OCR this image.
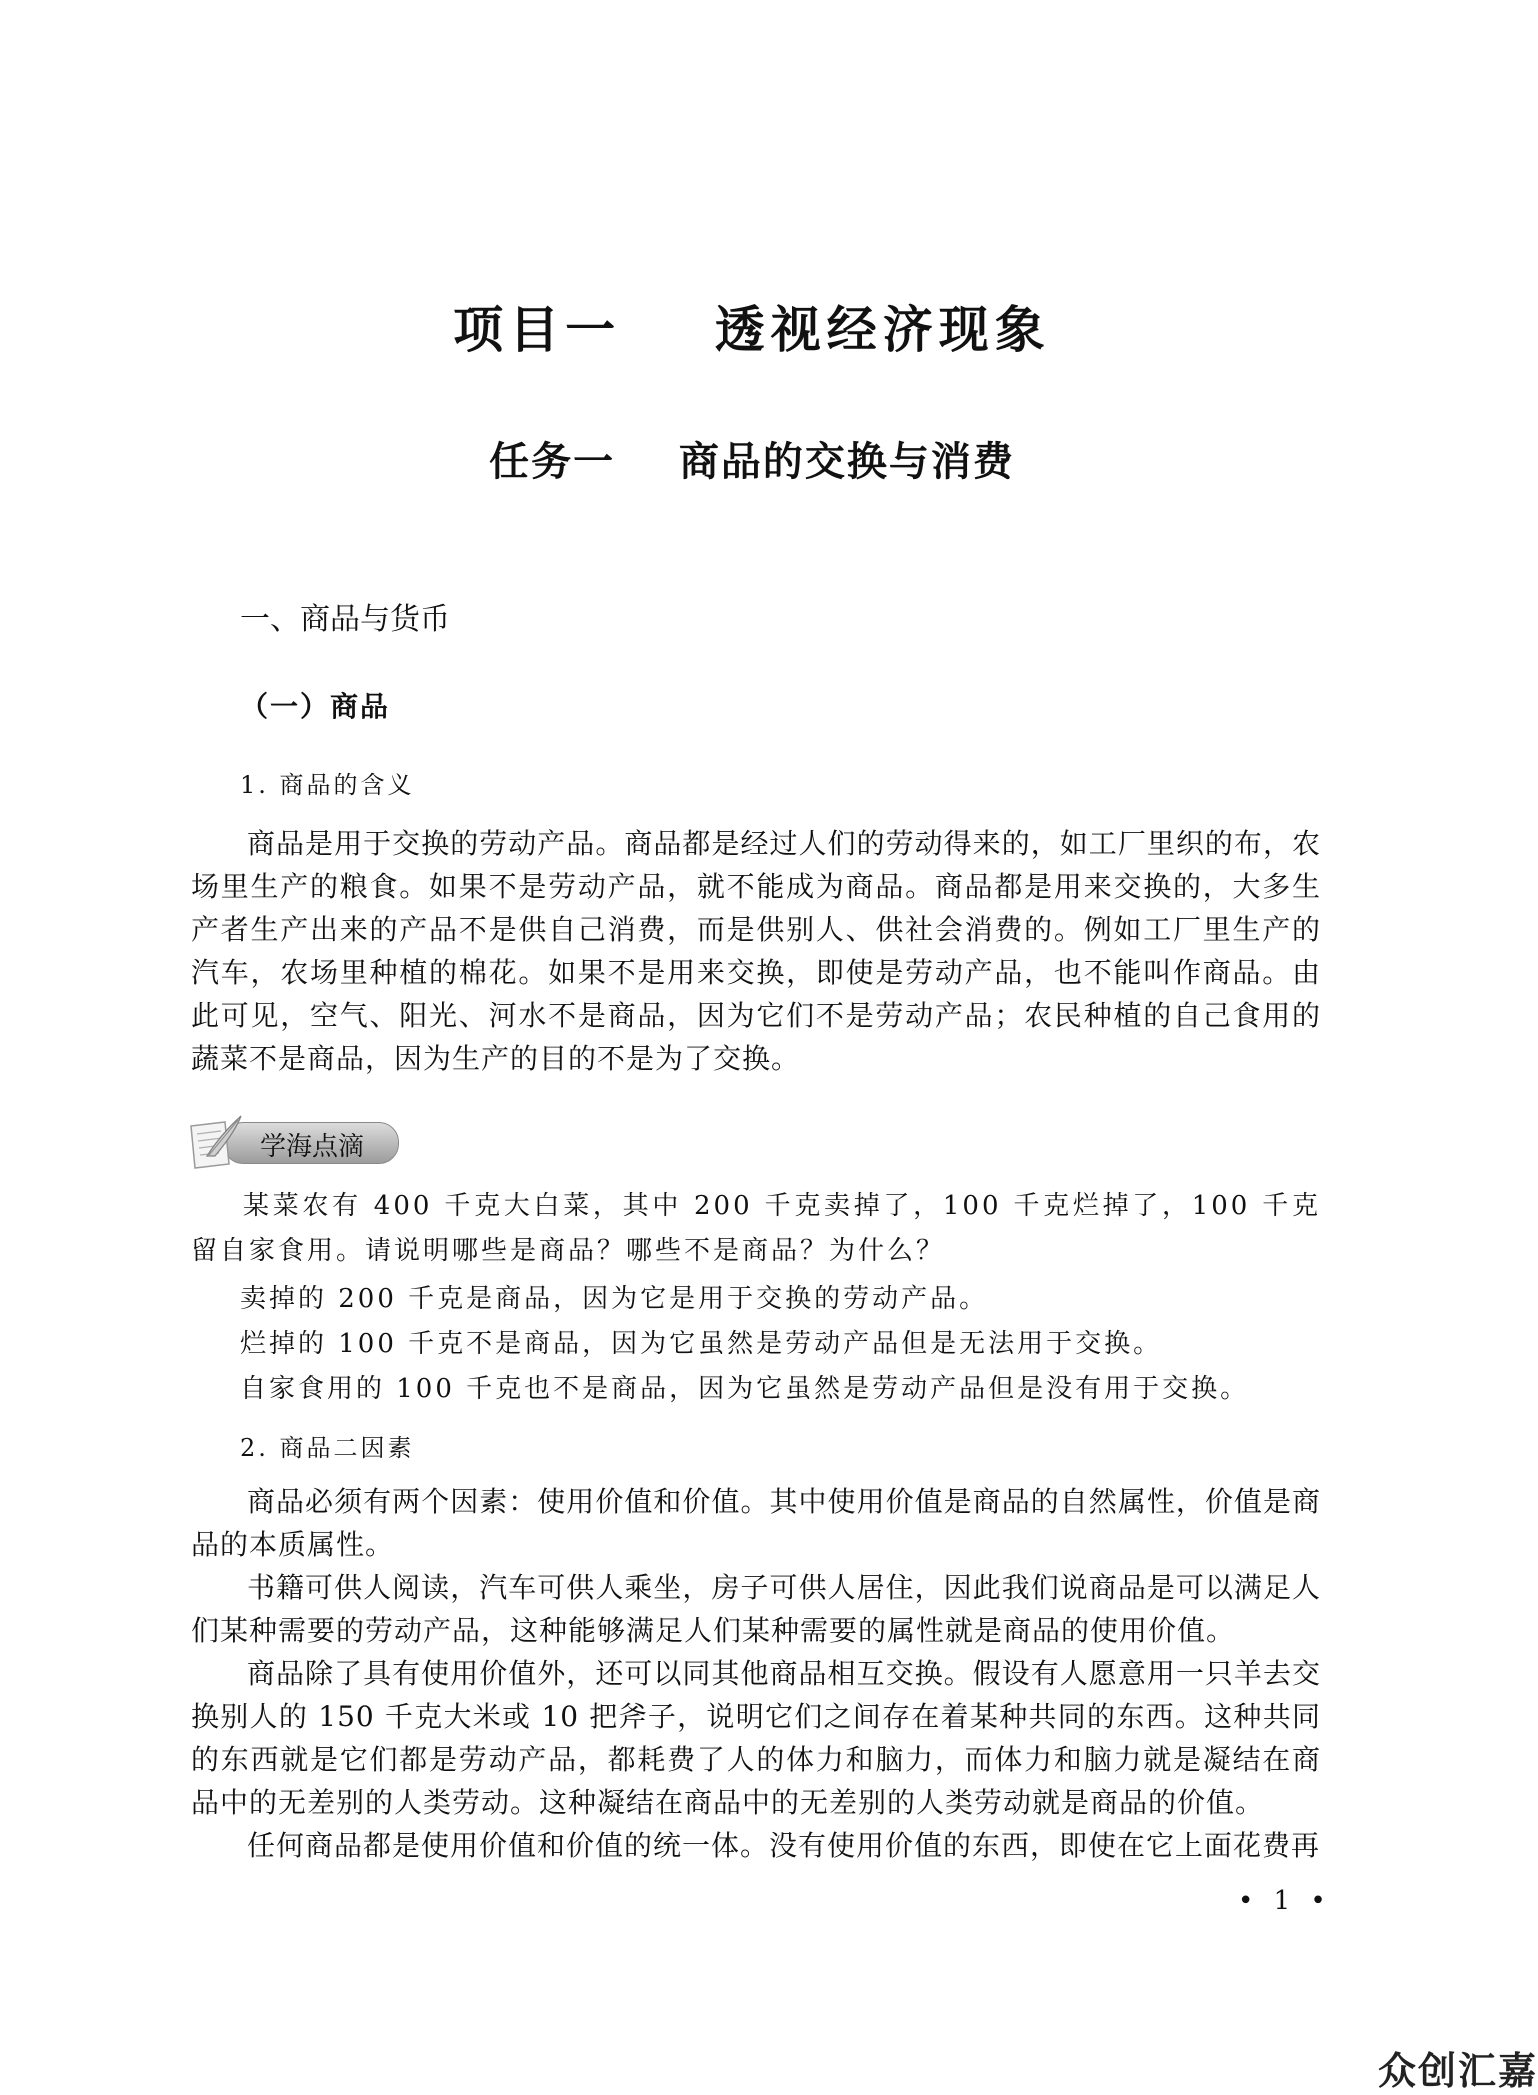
项目一    透视经济现象
任务一    商品的交换与消费
一、商品与货币
（一）商品
1. 商品的含义

商品是用于交换的劳动产品。商品都是经过人们的劳动得来的，如工厂里织的布，农场里生产的粮食。如果不是劳动产品，就不能成为商品。商品都是用来交换的，大多生产者生产出来的产品不是供自己消费，而是供别人、供社会消费的。例如工厂里生产的汽车，农场里种植的棉花。如果不是用来交换，即使是劳动产品，也不能叫作商品。由此可见，空气、阳光、河水不是商品，因为它们不是劳动产品；农民种植的自己食用的蔬菜不是商品，因为生产的目的不是为了交换。

学海点滴

某菜农有 400 千克大白菜，其中 200 千克卖掉了，100 千克烂掉了，100 千克留自家食用。请说明哪些是商品？哪些不是商品？为什么？

卖掉的 200 千克是商品，因为它是用于交换的劳动产品。
烂掉的 100 千克不是商品，因为它虽然是劳动产品但是无法用于交换。
自家食用的 100 千克也不是商品，因为它虽然是劳动产品但是没有用于交换。
2. 商品二因素

商品必须有两个因素：使用价值和价值。其中使用价值是商品的自然属性，价值是商品的本质属性。

书籍可供人阅读，汽车可供人乘坐，房子可供人居住，因此我们说商品是可以满足人们某种需要的劳动产品，这种能够满足人们某种需要的属性就是商品的使用价值。

商品除了具有使用价值外，还可以同其他商品相互交换。假设有人愿意用一只羊去交换别人的 150 千克大米或 10 把斧子，说明它们之间存在着某种共同的东西。这种共同的东西就是它们都是劳动产品，都耗费了人的体力和脑力，而体力和脑力就是凝结在商品中的无差别的人类劳动。这种凝结在商品中的无差别的人类劳动就是商品的价值。

任何商品都是使用价值和价值的统一体。没有使用价值的东西，即使在它上面花费再

• 1 •
众创汇嘉
